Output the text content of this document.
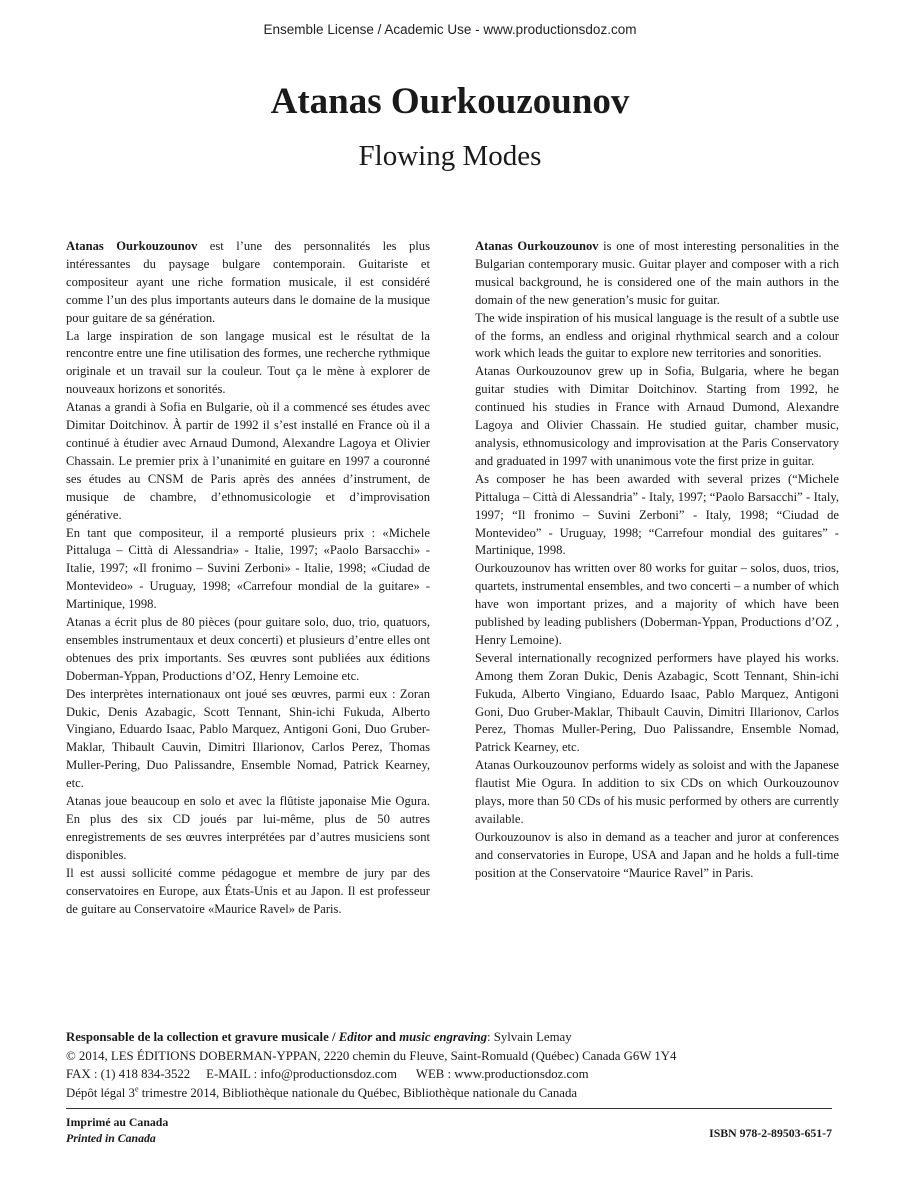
Ensemble License / Academic Use - www.productionsdoz.com
Atanas Ourkouzounov
Flowing Modes

Atanas Ourkouzounov est l’une des personnalités les plus intéressantes du paysage bulgare contemporain. Guitariste et compositeur ayant une riche formation musicale, il est considéré comme l’un des plus importants auteurs dans le domaine de la musique pour guitare de sa génération.

La large inspiration de son langage musical est le résultat de la rencontre entre une fine utilisation des formes, une recherche rythmique originale et un travail sur la couleur. Tout ça le mène à explorer de nouveaux horizons et sonorités.

Atanas a grandi à Sofia en Bulgarie, où il a commencé ses études avec Dimitar Doitchinov. À partir de 1992 il s’est installé en France où il a continué à étudier avec Arnaud Dumond, Alexandre Lagoya et Olivier Chassain. Le premier prix à l’unanimité en guitare en 1997 a couronné ses études au CNSM de Paris après des années d’instrument, de musique de chambre, d’ethnomusicologie et d’improvisation générative.

En tant que compositeur, il a remporté plusieurs prix : «Michele Pittaluga – Città di Alessandria» - Italie, 1997; «Paolo Barsacchi» - Italie, 1997; «Il fronimo – Suvini Zerboni» - Italie, 1998; «Ciudad de Montevideo» - Uruguay, 1998; «Carrefour mondial de la guitare» - Martinique, 1998.

Atanas a écrit plus de 80 pièces (pour guitare solo, duo, trio, quatuors, ensembles instrumentaux et deux concerti) et plusieurs d’entre elles ont obtenues des prix importants. Ses œuvres sont publiées aux éditions Doberman-Yppan, Productions d’OZ, Henry Lemoine etc.

Des interprètes internationaux ont joué ses œuvres, parmi eux : Zoran Dukic, Denis Azabagic, Scott Tennant, Shin-ichi Fukuda, Alberto Vingiano, Eduardo Isaac, Pablo Marquez, Antigoni Goni, Duo Gruber-Maklar, Thibault Cauvin, Dimitri Illarionov, Carlos Perez, Thomas Muller-Pering, Duo Palissandre, Ensemble Nomad, Patrick Kearney, etc.

Atanas joue beaucoup en solo et avec la flûtiste japonaise Mie Ogura. En plus des six CD joués par lui-même, plus de 50 autres enregistrements de ses œuvres interprétées par d’autres musiciens sont disponibles.

Il est aussi sollicité comme pédagogue et membre de jury par des conservatoires en Europe, aux États-Unis et au Japon. Il est professeur de guitare au Conservatoire «Maurice Ravel» de Paris.

Atanas Ourkouzounov is one of most interesting personalities in the Bulgarian contemporary music. Guitar player and composer with a rich musical background, he is considered one of the main authors in the domain of the new generation’s music for guitar.

The wide inspiration of his musical language is the result of a subtle use of the forms, an endless and original rhythmical search and a colour work which leads the guitar to explore new territories and sonorities.

Atanas Ourkouzounov grew up in Sofia, Bulgaria, where he began guitar studies with Dimitar Doitchinov. Starting from 1992, he continued his studies in France with Arnaud Dumond, Alexandre Lagoya and Olivier Chassain. He studied guitar, chamber music, analysis, ethnomusicology and improvisation at the Paris Conservatory and graduated in 1997 with unanimous vote the first prize in guitar.

As composer he has been awarded with several prizes (“Michele Pittaluga – Città di Alessandria” - Italy, 1997; “Paolo Barsacchi” - Italy, 1997; “Il fronimo – Suvini Zerboni” - Italy, 1998; “Ciudad de Montevideo” - Uruguay, 1998; “Carrefour mondial des guitares” - Martinique, 1998.

Ourkouzounov has written over 80 works for guitar – solos, duos, trios, quartets, instrumental ensembles, and two concerti – a number of which have won important prizes, and a majority of which have been published by leading publishers (Doberman-Yppan, Productions d’OZ , Henry Lemoine).

Several internationally recognized performers have played his works. Among them Zoran Dukic, Denis Azabagic, Scott Tennant, Shin-ichi Fukuda, Alberto Vingiano, Eduardo Isaac, Pablo Marquez, Antigoni Goni, Duo Gruber-Maklar, Thibault Cauvin, Dimitri Illarionov, Carlos Perez, Thomas Muller-Pering, Duo Palissandre, Ensemble Nomad, Patrick Kearney, etc.

Atanas Ourkouzounov performs widely as soloist and with the Japanese flautist Mie Ogura. In addition to six CDs on which Ourkouzounov plays, more than 50 CDs of his music performed by others are currently available.

Ourkouzounov is also in demand as a teacher and juror at conferences and conservatories in Europe, USA and Japan and he holds a full-time position at the Conservatoire “Maurice Ravel” in Paris.

Responsable de la collection et gravure musicale / Editor and music engraving: Sylvain Lemay

© 2014, LES ÉDITIONS DOBERMAN-YPPAN, 2220 chemin du Fleuve, Saint-Romuald (Québec) Canada G6W 1Y4

FAX : (1) 418 834-3522     E-MAIL : info@productionsdoz.com      WEB : www.productionsdoz.com

Dépôt légal 3e trimestre 2014, Bibliothèque nationale du Québec, Bibliothèque nationale du Canada

Imprimé au Canada

Printed in Canada	ISBN 978-2-89503-651-7
